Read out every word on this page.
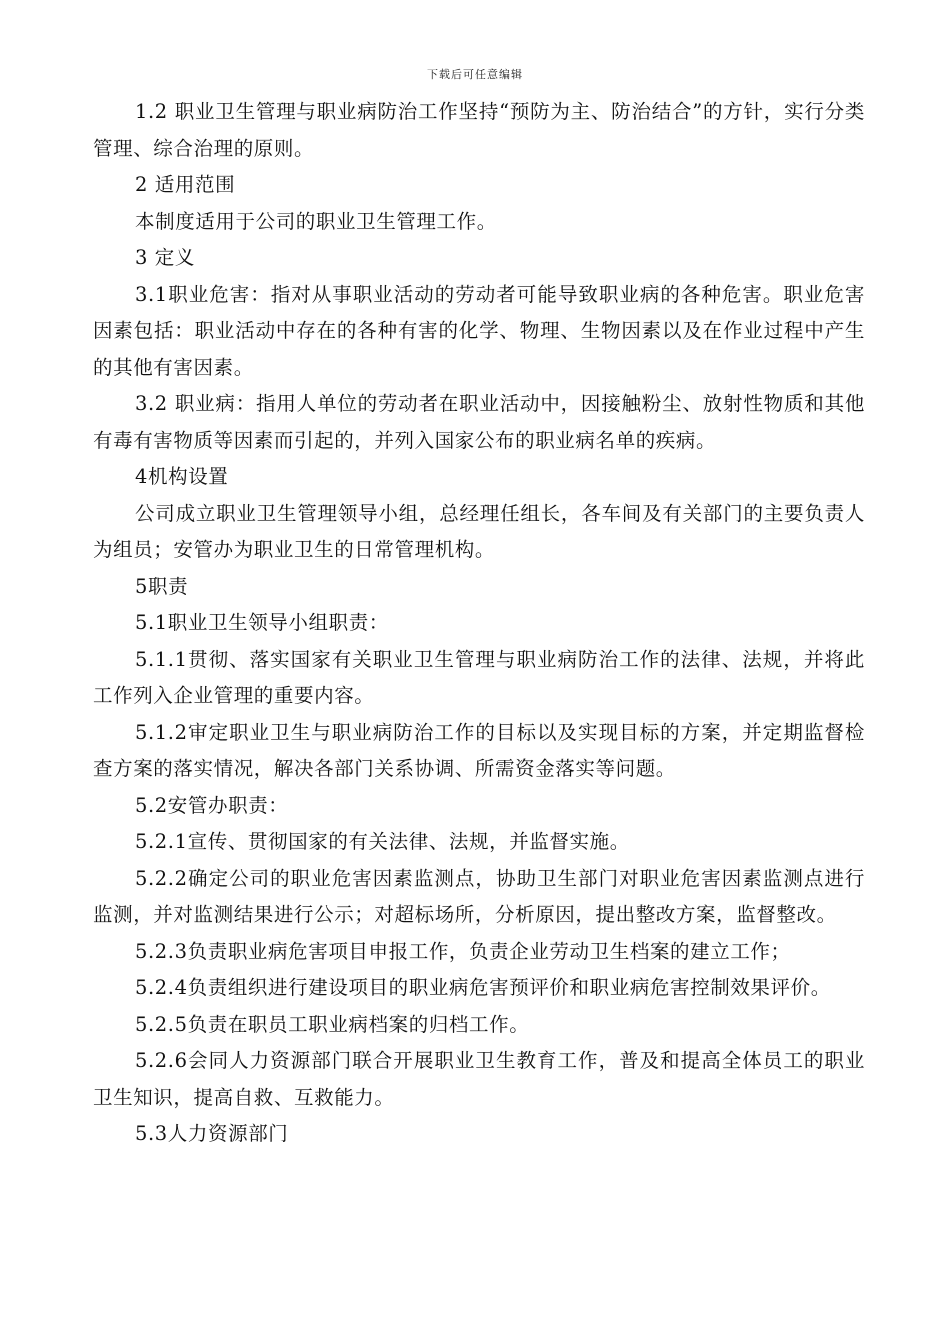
下载后可任意编辑

1.2 职业卫生管理与职业病防治工作坚持“预防为主、防治结合”的方针，实行分类管理、综合治理的原则。

2 适用范围

本制度适用于公司的职业卫生管理工作。

3 定义

3.1职业危害：指对从事职业活动的劳动者可能导致职业病的各种危害。职业危害因素包括：职业活动中存在的各种有害的化学、物理、生物因素以及在作业过程中产生的其他有害因素。

3.2 职业病：指用人单位的劳动者在职业活动中，因接触粉尘、放射性物质和其他有毒有害物质等因素而引起的，并列入国家公布的职业病名单的疾病。

4机构设置

公司成立职业卫生管理领导小组，总经理任组长，各车间及有关部门的主要负责人为组员；安管办为职业卫生的日常管理机构。

5职责

5.1职业卫生领导小组职责：

5.1.1贯彻、落实国家有关职业卫生管理与职业病防治工作的法律、法规，并将此工作列入企业管理的重要内容。

5.1.2审定职业卫生与职业病防治工作的目标以及实现目标的方案，并定期监督检查方案的落实情况，解决各部门关系协调、所需资金落实等问题。

5.2安管办职责：

5.2.1宣传、贯彻国家的有关法律、法规，并监督实施。

5.2.2确定公司的职业危害因素监测点，协助卫生部门对职业危害因素监测点进行监测，并对监测结果进行公示；对超标场所，分析原因，提出整改方案，监督整改。

5.2.3负责职业病危害项目申报工作，负责企业劳动卫生档案的建立工作；

5.2.4负责组织进行建设项目的职业病危害预评价和职业病危害控制效果评价。

5.2.5负责在职员工职业病档案的归档工作。

5.2.6会同人力资源部门联合开展职业卫生教育工作，普及和提高全体员工的职业卫生知识，提高自救、互救能力。

5.3人力资源部门
